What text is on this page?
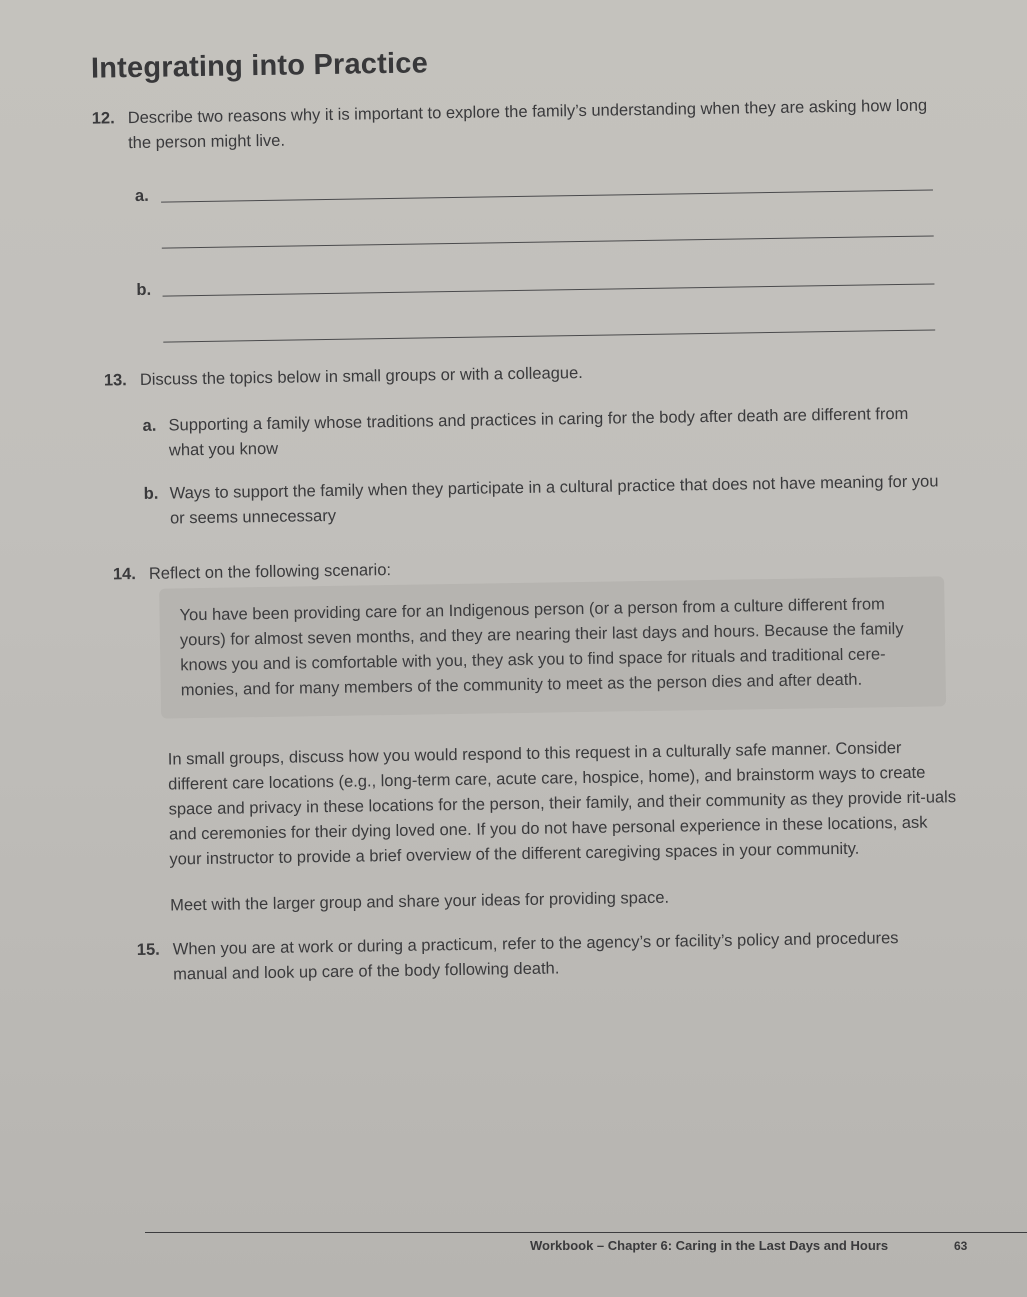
Integrating into Practice
12. Describe two reasons why it is important to explore the family’s understanding when they are asking how long the person might live.
a.
b.
13. Discuss the topics below in small groups or with a colleague.
a. Supporting a family whose traditions and practices in caring for the body after death are different from what you know
b. Ways to support the family when they participate in a cultural practice that does not have meaning for you or seems unnecessary
14. Reflect on the following scenario:

You have been providing care for an Indigenous person (or a person from a culture different from yours) for almost seven months, and they are nearing their last days and hours. Because the family knows you and is comfortable with you, they ask you to find space for rituals and traditional cere-monies, and for many members of the community to meet as the person dies and after death.

In small groups, discuss how you would respond to this request in a culturally safe manner. Consider different care locations (e.g., long-term care, acute care, hospice, home), and brainstorm ways to create space and privacy in these locations for the person, their family, and their community as they provide rit-uals and ceremonies for their dying loved one. If you do not have personal experience in these locations, ask your instructor to provide a brief overview of the different caregiving spaces in your community.

Meet with the larger group and share your ideas for providing space.

15. When you are at work or during a practicum, refer to the agency’s or facility’s policy and procedures manual and look up care of the body following death.
Workbook – Chapter 6: Caring in the Last Days and Hours	63
